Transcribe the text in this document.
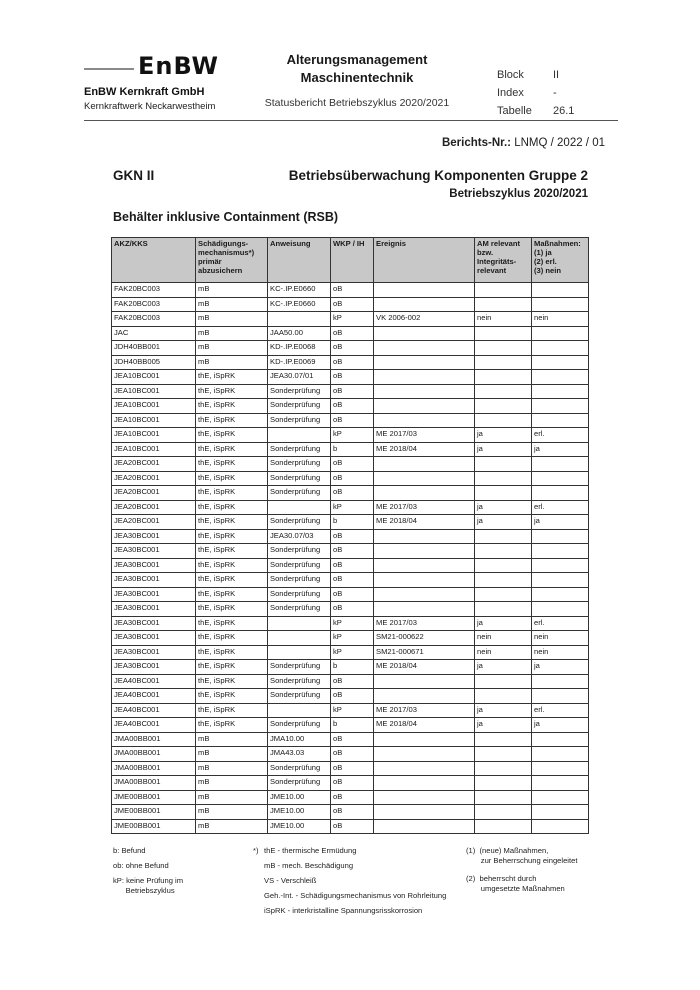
EnBW
EnBW Kernkraft GmbH
Kernkraftwerk Neckarwestheim
Alterungsmanagement
Maschinentechnik
Statusbericht Betriebszyklus 2020/2021
Block	II
Index	-
Tabelle 26.1
Berichts-Nr.: LNMQ / 2022 / 01
GKN II	Betriebsüberwachung Komponenten Gruppe 2
Betriebszyklus 2020/2021
Behälter inklusive Containment (RSB)
AKZ/KKS	Schädigungs-
mechanismus*)
primär
abzusichern	Anweisung	WKP / IH	Ereignis	AM relevant
bzw.
Integritäts-
relevant	Maßnahmen:
(1) ja
(2) erl.
(3) nein
FAK20BC003	mB	KC-.IP.E0660	oB			
FAK20BC003	mB	KC-.IP.E0660	oB			
FAK20BC003	mB		kP	VK 2006-002	nein	nein
JAC	mB	JAA50.00	oB			
JDH40BB001	mB	KD-.IP.E0068	oB			
JDH40BB005	mB	KD-.IP.E0069	oB			
JEA10BC001	thE, iSpRK	JEA30.07/01	oB			
JEA10BC001	thE, iSpRK	Sonderprüfung	oB			
JEA10BC001	thE, iSpRK	Sonderprüfung	oB			
JEA10BC001	thE, iSpRK	Sonderprüfung	oB			
JEA10BC001	thE, iSpRK		kP	ME 2017/03	ja	erl.
JEA10BC001	thE, iSpRK	Sonderprüfung	b	ME 2018/04	ja	ja
JEA20BC001	thE, iSpRK	Sonderprüfung	oB			
JEA20BC001	thE, iSpRK	Sonderprüfung	oB			
JEA20BC001	thE, iSpRK	Sonderprüfung	oB			
JEA20BC001	thE, iSpRK		kP	ME 2017/03	ja	erl.
JEA20BC001	thE, iSpRK	Sonderprüfung	b	ME 2018/04	ja	ja
JEA30BC001	thE, iSpRK	JEA30.07/03	oB			
JEA30BC001	thE, iSpRK	Sonderprüfung	oB			
JEA30BC001	thE, iSpRK	Sonderprüfung	oB			
JEA30BC001	thE, iSpRK	Sonderprüfung	oB			
JEA30BC001	thE, iSpRK	Sonderprüfung	oB			
JEA30BC001	thE, iSpRK	Sonderprüfung	oB			
JEA30BC001	thE, iSpRK		kP	ME 2017/03	ja	erl.
JEA30BC001	thE, iSpRK		kP	SM21-000622	nein	nein
JEA30BC001	thE, iSpRK		kP	SM21-000671	nein	nein
JEA30BC001	thE, iSpRK	Sonderprüfung	b	ME 2018/04	ja	ja
JEA40BC001	thE, iSpRK	Sonderprüfung	oB			
JEA40BC001	thE, iSpRK	Sonderprüfung	oB			
JEA40BC001	thE, iSpRK		kP	ME 2017/03	ja	erl.
JEA40BC001	thE, iSpRK	Sonderprüfung	b	ME 2018/04	ja	ja
JMA00BB001	mB	JMA10.00	oB			
JMA00BB001	mB	JMA43.03	oB			
JMA00BB001	mB	Sonderprüfung	oB			
JMA00BB001	mB	Sonderprüfung	oB			
JME00BB001	mB	JME10.00	oB			
JME00BB001	mB	JME10.00	oB			
JME00BB001	mB	JME10.00	oB			
b: Befund
ob: ohne Befund
kP: keine Prüfung im
Betriebszyklus
*) thE - thermische Ermüdung
mB - mech. Beschädigung
VS - Verschleiß
Geh.-Int. - Schädigungsmechanismus von Rohrleitung
iSpRK - interkristalline Spannungsrisskorrosion
(1)  (neue) Maßnahmen,
zur Beherrschung eingeleitet
(2)  beherrscht durch
umgesetzte Maßnahmen
